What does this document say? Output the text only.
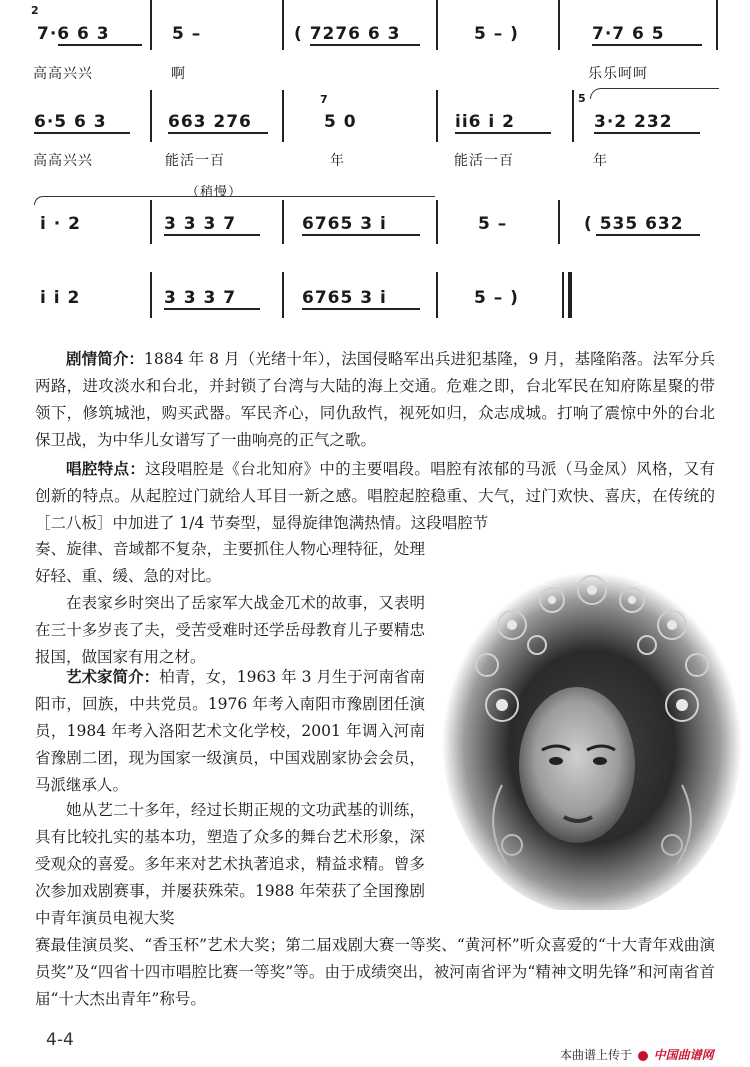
2
7·6 6 3	5 –	( 7276 6 3	5 – )	7·7 6 5
高高兴兴	啊	乐乐呵呵
6·5 6 3	663 276
7
5 0	ii6 i 2
5
3·2 232
高高兴兴	能活一百	年	能活一百	年
（稍慢）
i · 2	3 3 3 7	6765 3 i	5 –	( 535 632
i i 2	3 3 3 7	6765 3 i	5 – )
剧情简介：1884 年 8 月（光绪十年），法国侵略军出兵进犯基隆，9 月，基隆陷落。法军分兵两路，进攻淡水和台北，并封锁了台湾与大陆的海上交通。危难之即，台北军民在知府陈星聚的带领下，修筑城池，购买武器。军民齐心，同仇敌忾，视死如归，众志成城。打响了震惊中外的台北保卫战，为中华儿女谱写了一曲响亮的正气之歌。
唱腔特点：这段唱腔是《台北知府》中的主要唱段。唱腔有浓郁的马派（马金凤）风格，又有创新的特点。从起腔过门就给人耳目一新之感。唱腔起腔稳重、大气，过门欢快、喜庆，在传统的［二八板］中加进了 1/4 节奏型，显得旋律饱满热情。这段唱腔节
奏、旋律、音域都不复杂，主要抓住人物心理特征，处理好轻、重、缓、急的对比。
在表家乡时突出了岳家军大战金兀术的故事，又表明在三十多岁丧了夫，受苦受难时还学岳母教育儿子要精忠报国，做国家有用之材。
艺术家简介：柏青，女，1963 年 3 月生于河南省南阳市，回族，中共党员。1976 年考入南阳市豫剧团任演员，1984 年考入洛阳艺术文化学校，2001 年调入河南省豫剧二团，现为国家一级演员，中国戏剧家协会会员，马派继承人。
她从艺二十多年，经过长期正规的文功武基的训练，具有比较扎实的基本功，塑造了众多的舞台艺术形象，深受观众的喜爱。多年来对艺术执著追求，精益求精。曾多次参加戏剧赛事，并屡获殊荣。1988 年荣获了全国豫剧中青年演员电视大奖
赛最佳演员奖、“香玉杯”艺术大奖；第二届戏剧大赛一等奖、“黄河杯”听众喜爱的“十大青年戏曲演员奖”及“四省十四市唱腔比赛一等奖”等。由于成绩突出，被河南省评为“精神文明先锋”和河南省首届“十大杰出青年”称号。
4-4
本曲谱上传于 中国曲谱网
